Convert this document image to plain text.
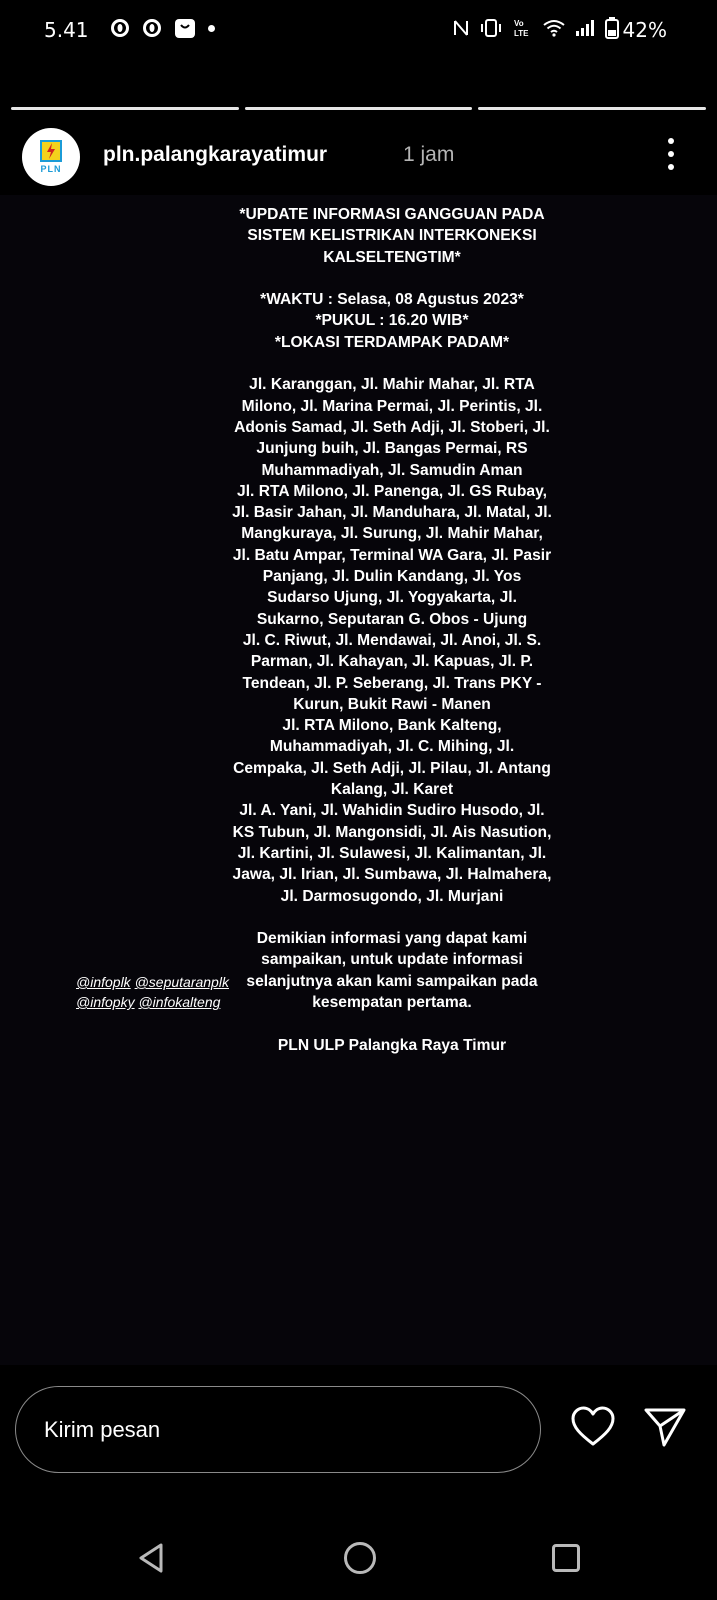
5.41	Vo
LTE	42%
PLN
pln.palangkarayatimur	1 jam
*UPDATE INFORMASI GANGGUAN PADA SISTEM KELISTRIKAN INTERKONEKSI KALSELTENGTIM*

*WAKTU : Selasa, 08 Agustus 2023*
*PUKUL : 16.20 WIB*
*LOKASI TERDAMPAK PADAM*

Jl. Karanggan, Jl. Mahir Mahar, Jl. RTA Milono, Jl. Marina Permai, Jl. Perintis, Jl. Adonis Samad, Jl. Seth Adji, Jl. Stoberi, Jl. Junjung buih, Jl. Bangas Permai, RS Muhammadiyah, Jl. Samudin Aman
Jl. RTA Milono, Jl. Panenga, Jl. GS Rubay, Jl. Basir Jahan, Jl. Manduhara, Jl. Matal, Jl. Mangkuraya, Jl. Surung, Jl. Mahir Mahar, Jl. Batu Ampar, Terminal WA Gara, Jl. Pasir Panjang, Jl. Dulin Kandang, Jl. Yos Sudarso Ujung, Jl. Yogyakarta, Jl. Sukarno, Seputaran G. Obos - Ujung
Jl. C. Riwut, Jl. Mendawai, Jl. Anoi, Jl. S. Parman, Jl. Kahayan, Jl. Kapuas, Jl. P. Tendean, Jl. P. Seberang, Jl. Trans PKY - Kurun, Bukit Rawi - Manen
Jl. RTA Milono, Bank Kalteng, Muhammadiyah, Jl. C. Mihing, Jl. Cempaka, Jl. Seth Adji, Jl. Pilau, Jl. Antang Kalang, Jl. Karet
Jl. A. Yani, Jl. Wahidin Sudiro Husodo, Jl. KS Tubun, Jl. Mangonsidi, Jl. Ais Nasution, Jl. Kartini, Jl. Sulawesi, Jl. Kalimantan, Jl. Jawa, Jl. Irian, Jl. Sumbawa, Jl. Halmahera, Jl. Darmosugondo, Jl. Murjani

Demikian informasi yang dapat kami sampaikan, untuk update informasi selanjutnya akan kami sampaikan pada kesempatan pertama.

PLN ULP Palangka Raya Timur
@infoplk @seputaranplk
@infopky @infokalteng
Kirim pesan
